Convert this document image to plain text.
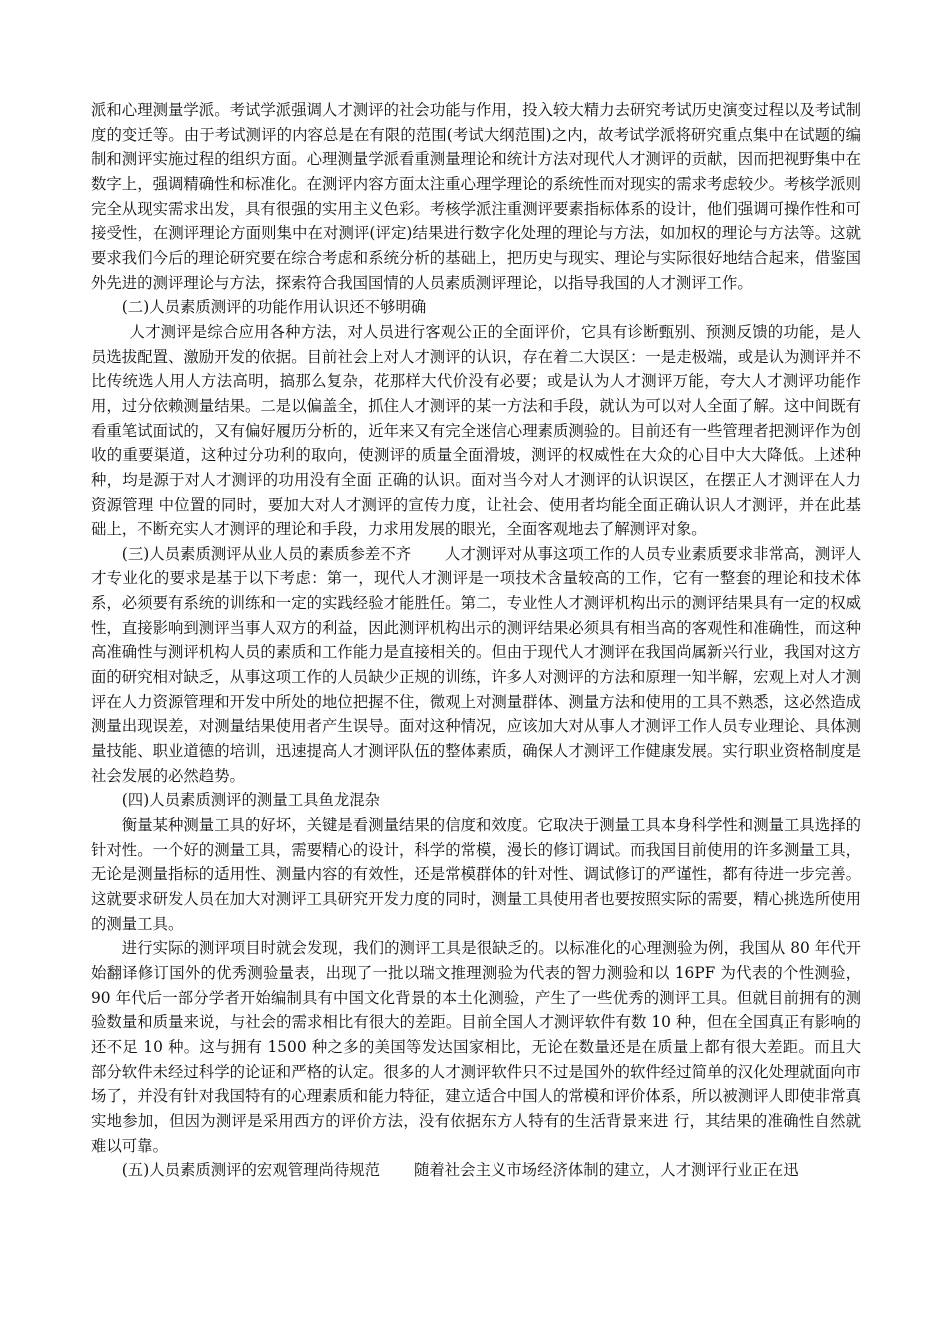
派和心理测量学派。考试学派强调人才测评的社会功能与作用，投入较大精力去研究考试历史演变过程以及考试制度的变迁等。由于考试测评的内容总是在有限的范围(考试大纲范围)之内，故考试学派将研究重点集中在试题的编制和测评实施过程的组织方面。心理测量学派看重测量理论和统计方法对现代人才测评的贡献，因而把视野集中在数字上，强调精确性和标准化。在测评内容方面太注重心理学理论的系统性而对现实的需求考虑较少。考核学派则完全从现实需求出发，具有很强的实用主义色彩。考核学派注重测评要素指标体系的设计，他们强调可操作性和可接受性，在测评理论方面则集中在对测评(评定)结果进行数字化处理的理论与方法，如加权的理论与方法等。这就要求我们今后的理论研究要在综合考虑和系统分析的基础上，把历史与现实、理论与实际很好地结合起来，借鉴国外先进的测评理论与方法，探索符合我国国情的人员素质测评理论，以指导我国的人才测评工作。

(二)人员素质测评的功能作用认识还不够明确

人才测评是综合应用各种方法，对人员进行客观公正的全面评价，它具有诊断甄别、预测反馈的功能，是人员选拔配置、激励开发的依据。目前社会上对人才测评的认识，存在着二大误区：一是走极端，或是认为测评并不比传统选人用人方法高明，搞那么复杂，花那样大代价没有必要；或是认为人才测评万能，夸大人才测评功能作用，过分依赖测量结果。二是以偏盖全，抓住人才测评的某一方法和手段，就认为可以对人全面了解。这中间既有看重笔试面试的，又有偏好履历分析的，近年来又有完全迷信心理素质测验的。目前还有一些管理者把测评作为创收的重要渠道，这种过分功利的取向，使测评的质量全面滑坡，测评的权威性在大众的心目中大大降低。上述种种，均是源于对人才测评的功用没有全面 正确的认识。面对当今对人才测评的认识误区，在摆正人才测评在人力资源管理 中位置的同时，要加大对人才测评的宣传力度，让社会、使用者均能全面正确认识人才测评，并在此基础上，不断充实人才测评的理论和手段，力求用发展的眼光，全面客观地去了解测评对象。

(三)人员素质测评从业人员的素质参差不齐 人才测评对从事这项工作的人员专业素质要求非常高，测评人才专业化的要求是基于以下考虑：第一，现代人才测评是一项技术含量较高的工作，它有一整套的理论和技术体系，必须要有系统的训练和一定的实践经验才能胜任。第二，专业性人才测评机构出示的测评结果具有一定的权威性，直接影响到测评当事人双方的利益，因此测评机构出示的测评结果必须具有相当高的客观性和准确性，而这种高准确性与测评机构人员的素质和工作能力是直接相关的。但由于现代人才测评在我国尚属新兴行业，我国对这方面的研究相对缺乏，从事这项工作的人员缺少正规的训练，许多人对测评的方法和原理一知半解，宏观上对人才测评在人力资源管理和开发中所处的地位把握不住，微观上对测量群体、测量方法和使用的工具不熟悉，这必然造成测量出现误差，对测量结果使用者产生误导。面对这种情况，应该加大对从事人才测评工作人员专业理论、具体测量技能、职业道德的培训，迅速提高人才测评队伍的整体素质，确保人才测评工作健康发展。实行职业资格制度是社会发展的必然趋势。

(四)人员素质测评的测量工具鱼龙混杂

衡量某种测量工具的好坏，关键是看测量结果的信度和效度。它取决于测量工具本身科学性和测量工具选择的针对性。一个好的测量工具，需要精心的设计，科学的常模，漫长的修订调试。而我国目前使用的许多测量工具，无论是测量指标的适用性、测量内容的有效性，还是常模群体的针对性、调试修订的严谨性，都有待进一步完善。这就要求研发人员在加大对测评工具研究开发力度的同时，测量工具使用者也要按照实际的需要，精心挑选所使用的测量工具。

进行实际的测评项目时就会发现，我们的测评工具是很缺乏的。以标准化的心理测验为例，我国从 80 年代开始翻译修订国外的优秀测验量表，出现了一批以瑞文推理测验为代表的智力测验和以 16PF 为代表的个性测验，90 年代后一部分学者开始编制具有中国文化背景的本土化测验，产生了一些优秀的测评工具。但就目前拥有的测验数量和质量来说，与社会的需求相比有很大的差距。目前全国人才测评软件有数 10 种，但在全国真正有影响的还不足 10 种。这与拥有 1500 种之多的美国等发达国家相比，无论在数量还是在质量上都有很大差距。而且大部分软件未经过科学的论证和严格的认定。很多的人才测评软件只不过是国外的软件经过简单的汉化处理就面向市场了，并没有针对我国特有的心理素质和能力特征，建立适合中国人的常模和评价体系，所以被测评人即使非常真实地参加，但因为测评是采用西方的评价方法，没有依据东方人特有的生活背景来进 行，其结果的准确性自然就难以可靠。

(五)人员素质测评的宏观管理尚待规范 随着社会主义市场经济体制的建立，人才测评行业正在迅
